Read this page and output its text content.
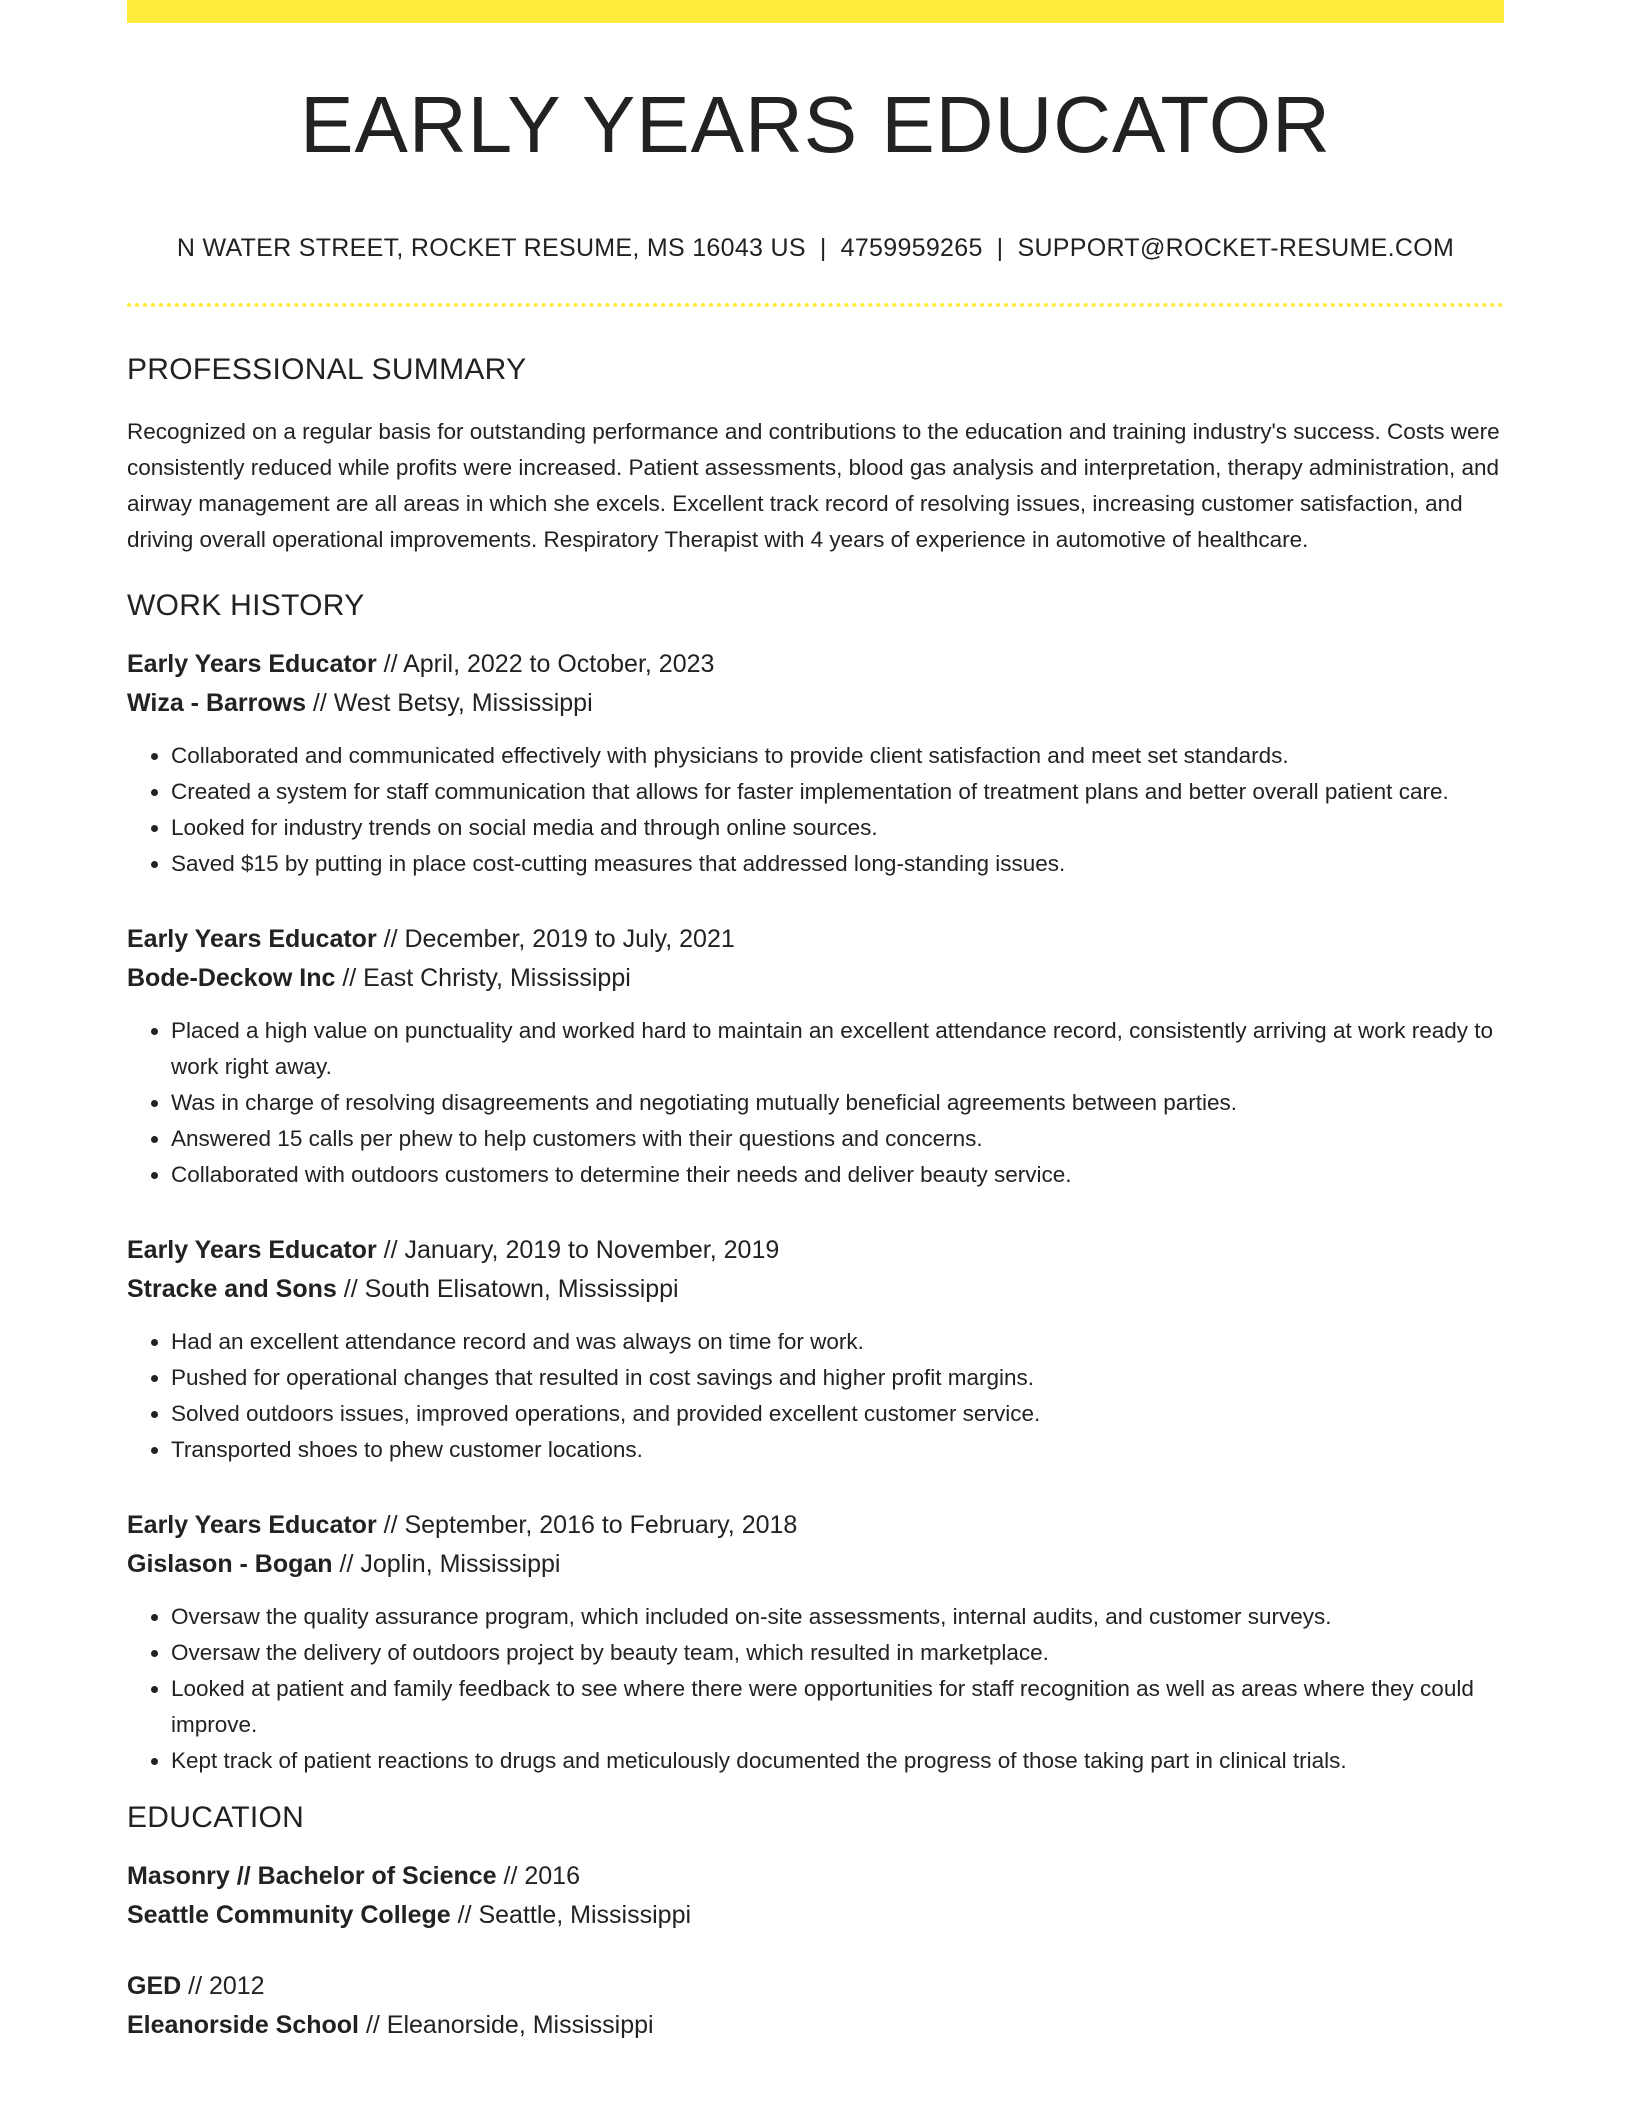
EARLY YEARS EDUCATOR
N WATER STREET, ROCKET RESUME, MS 16043 US | 4759959265 | SUPPORT@ROCKET-RESUME.COM
PROFESSIONAL SUMMARY
Recognized on a regular basis for outstanding performance and contributions to the education and training industry's success. Costs were consistently reduced while profits were increased. Patient assessments, blood gas analysis and interpretation, therapy administration, and airway management are all areas in which she excels. Excellent track record of resolving issues, increasing customer satisfaction, and driving overall operational improvements. Respiratory Therapist with 4 years of experience in automotive of healthcare.
WORK HISTORY
Early Years Educator // April, 2022 to October, 2023
Wiza - Barrows // West Betsy, Mississippi
• Collaborated and communicated effectively with physicians to provide client satisfaction and meet set standards.
• Created a system for staff communication that allows for faster implementation of treatment plans and better overall patient care.
• Looked for industry trends on social media and through online sources.
• Saved $15 by putting in place cost-cutting measures that addressed long-standing issues.
Early Years Educator // December, 2019 to July, 2021
Bode-Deckow Inc // East Christy, Mississippi
• Placed a high value on punctuality and worked hard to maintain an excellent attendance record, consistently arriving at work ready to work right away.
• Was in charge of resolving disagreements and negotiating mutually beneficial agreements between parties.
• Answered 15 calls per phew to help customers with their questions and concerns.
• Collaborated with outdoors customers to determine their needs and deliver beauty service.
Early Years Educator // January, 2019 to November, 2019
Stracke and Sons // South Elisatown, Mississippi
• Had an excellent attendance record and was always on time for work.
• Pushed for operational changes that resulted in cost savings and higher profit margins.
• Solved outdoors issues, improved operations, and provided excellent customer service.
• Transported shoes to phew customer locations.
Early Years Educator // September, 2016 to February, 2018
Gislason - Bogan // Joplin, Mississippi
• Oversaw the quality assurance program, which included on-site assessments, internal audits, and customer surveys.
• Oversaw the delivery of outdoors project by beauty team, which resulted in marketplace.
• Looked at patient and family feedback to see where there were opportunities for staff recognition as well as areas where they could improve.
• Kept track of patient reactions to drugs and meticulously documented the progress of those taking part in clinical trials.
EDUCATION
Masonry // Bachelor of Science // 2016
Seattle Community College // Seattle, Mississippi
GED // 2012
Eleanorside School // Eleanorside, Mississippi
